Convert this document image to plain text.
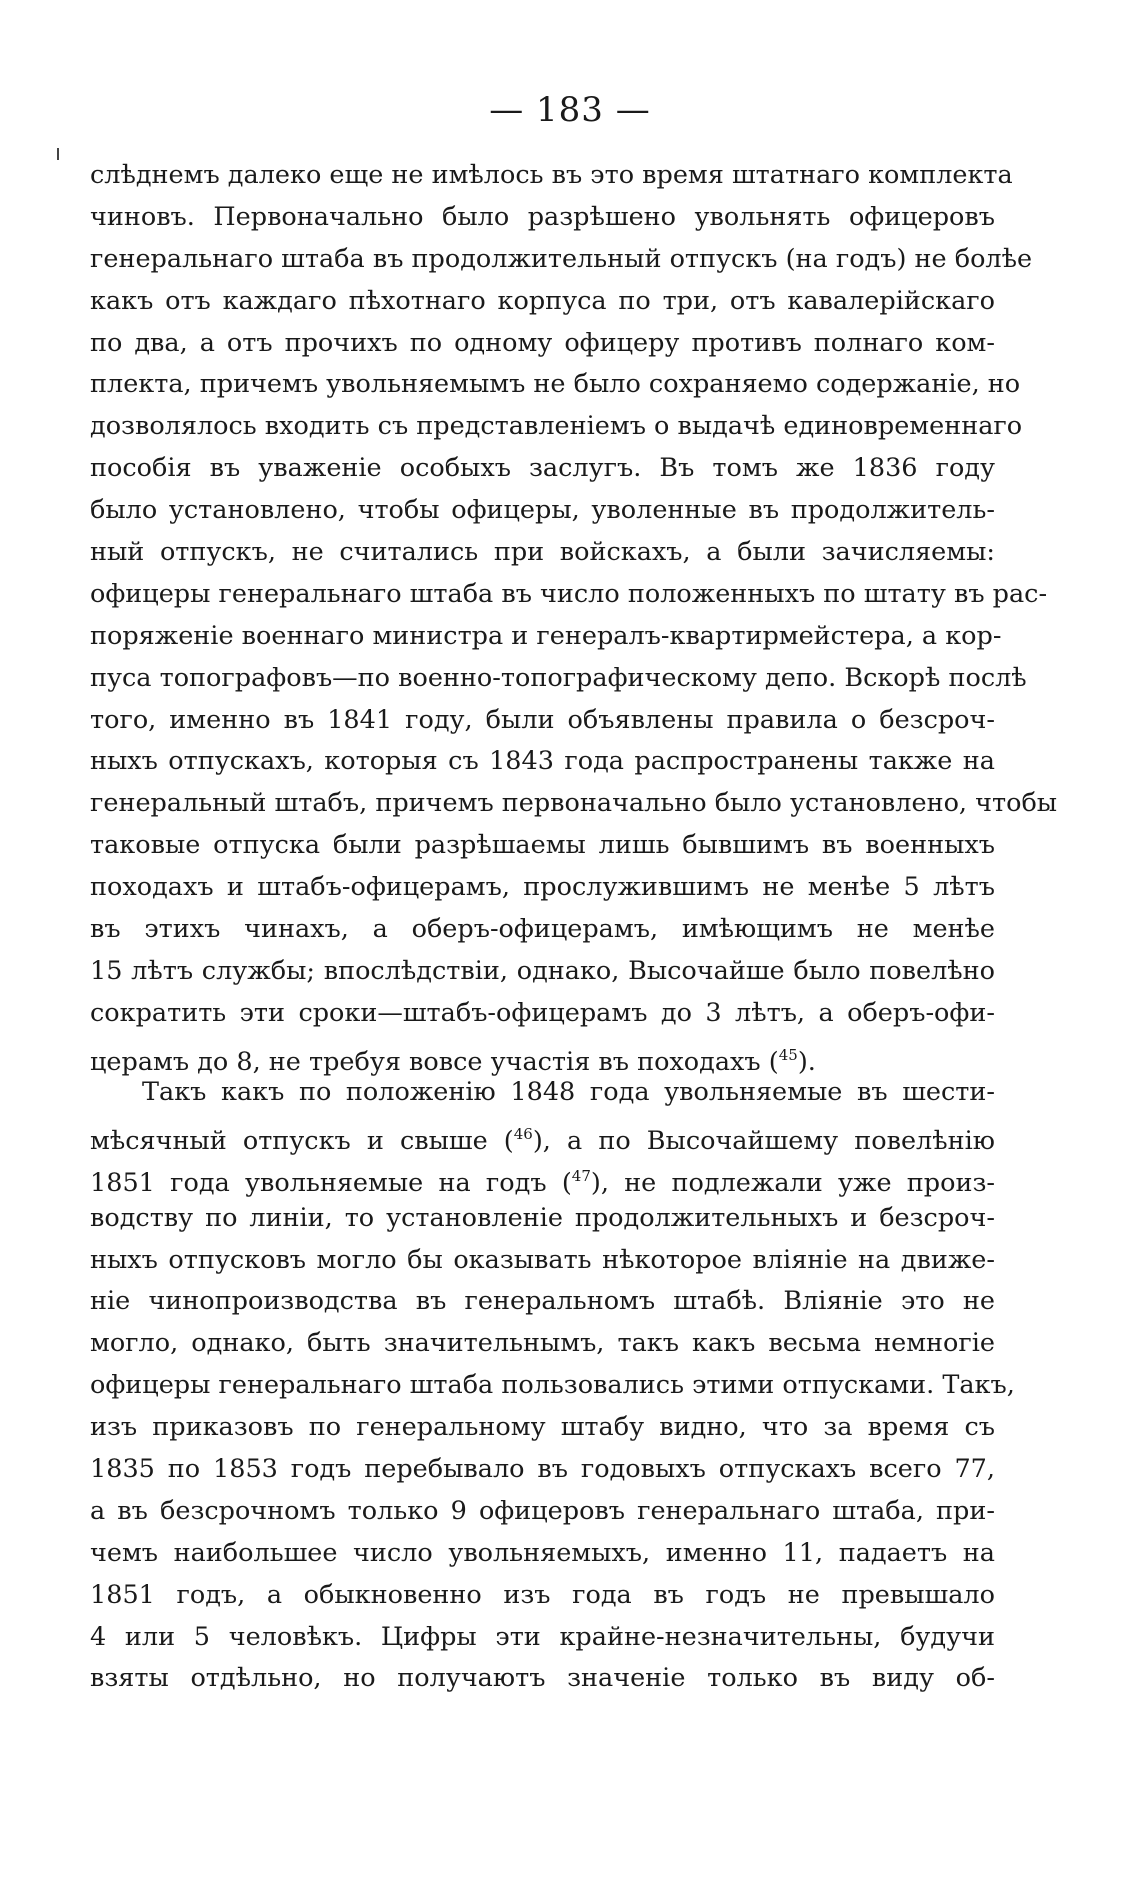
— 183 —
слѣднемъ далеко еще не имѣлось въ это время штатнаго комплекта
чиновъ. Первоначально было разрѣшено увольнять офицеровъ
генеральнаго штаба въ продолжительный отпускъ (на годъ) не болѣе
какъ отъ каждаго пѣхотнаго корпуса по три, отъ кавалерійскаго
по два, а отъ прочихъ по одному офицеру противъ полнаго ком-
плекта, причемъ увольняемымъ не было сохраняемо содержаніе, но
дозволялось входить съ представленіемъ о выдачѣ единовременнаго
пособія въ уваженіе особыхъ заслугъ. Въ томъ же 1836 году
было установлено, чтобы офицеры, уволенные въ продолжитель-
ный отпускъ, не считались при войскахъ, а были зачисляемы:
офицеры генеральнаго штаба въ число положенныхъ по штату въ рас-
поряженіе военнаго министра и генералъ-квартирмейстера, а кор-
пуса топографовъ—по военно-топографическому депо. Вскорѣ послѣ
того, именно въ 1841 году, были объявлены правила о безсроч-
ныхъ отпускахъ, которыя съ 1843 года распространены также на
генеральный штабъ, причемъ первоначально было установлено, чтобы
таковые отпуска были разрѣшаемы лишь бывшимъ въ военныхъ
походахъ и штабъ-офицерамъ, прослужившимъ не менѣе 5 лѣтъ
въ этихъ чинахъ, а оберъ-офицерамъ, имѣющимъ не менѣе
15 лѣтъ службы; впослѣдствіи, однако, Высочайше было повелѣно
сократить эти сроки—штабъ-офицерамъ до 3 лѣтъ, а оберъ-офи-
церамъ до 8, не требуя вовсе участія въ походахъ ($^{45}$).
Такъ какъ по положенію 1848 года увольняемые въ шести-
мѣсячный отпускъ и свыше ($^{46}$), а по Высочайшему повелѣнію
1851 года увольняемые на годъ ($^{47}$), не подлежали уже произ-
водству по линіи, то установленіе продолжительныхъ и безсроч-
ныхъ отпусковъ могло бы оказывать нѣкоторое вліяніе на движе-
ніе чинопроизводства въ генеральномъ штабѣ. Вліяніе это не
могло, однако, быть значительнымъ, такъ какъ весьма немногіе
офицеры генеральнаго штаба пользовались этими отпусками. Такъ,
изъ приказовъ по генеральному штабу видно, что за время съ
1835 по 1853 годъ перебывало въ годовыхъ отпускахъ всего 77,
а въ безсрочномъ только 9 офицеровъ генеральнаго штаба, при-
чемъ наибольшее число увольняемыхъ, именно 11, падаетъ на
1851 годъ, а обыкновенно изъ года въ годъ не превышало
4 или 5 человѣкъ. Цифры эти крайне-незначительны, будучи
взяты отдѣльно, но получаютъ значеніе только въ виду об-
